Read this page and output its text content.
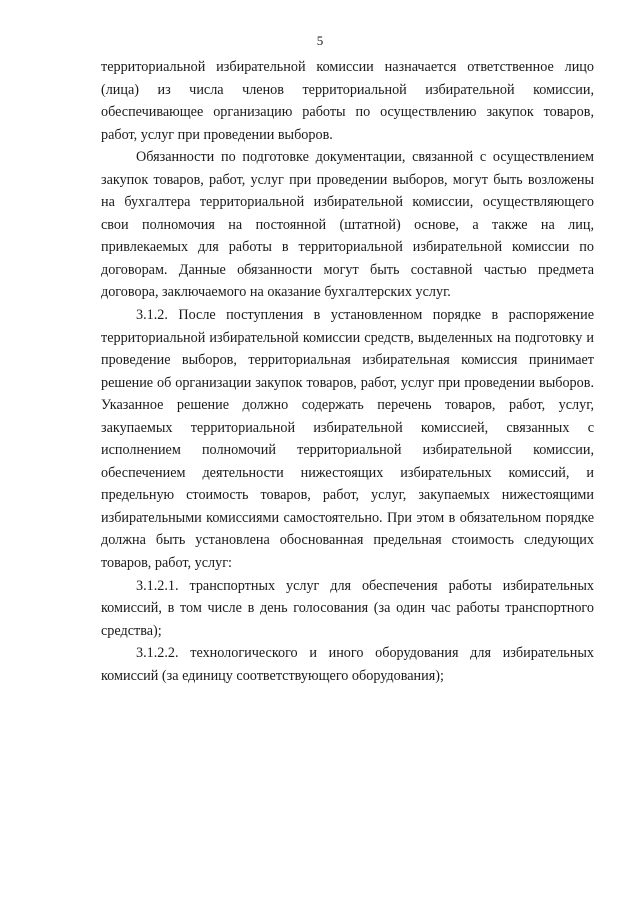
5

территориальной избирательной комиссии назначается ответственное лицо (лица) из числа членов территориальной избирательной комиссии, обеспечивающее организацию работы по осуществлению закупок товаров, работ, услуг при проведении выборов.

Обязанности по подготовке документации, связанной с осуществлением закупок товаров, работ, услуг при проведении выборов, могут быть возложены на бухгалтера территориальной избирательной комиссии, осуществляющего свои полномочия на постоянной (штатной) основе, а также на лиц, привлекаемых для работы в территориальной избирательной комиссии по договорам. Данные обязанности могут быть составной частью предмета договора, заключаемого на оказание бухгалтерских услуг.

3.1.2. После поступления в установленном порядке в распоряжение территориальной избирательной комиссии средств, выделенных на подготовку и проведение выборов, территориальная избирательная комиссия принимает решение об организации закупок товаров, работ, услуг при проведении выборов. Указанное решение должно содержать перечень товаров, работ, услуг, закупаемых территориальной избирательной комиссией, связанных с исполнением полномочий территориальной избирательной комиссии, обеспечением деятельности нижестоящих избирательных комиссий, и предельную стоимость товаров, работ, услуг, закупаемых нижестоящими избирательными комиссиями самостоятельно. При этом в обязательном порядке должна быть установлена обоснованная предельная стоимость следующих товаров, работ, услуг:

3.1.2.1. транспортных услуг для обеспечения работы избирательных комиссий, в том числе в день голосования (за один час работы транспортного средства);

3.1.2.2. технологического и иного оборудования для избирательных комиссий (за единицу соответствующего оборудования);
